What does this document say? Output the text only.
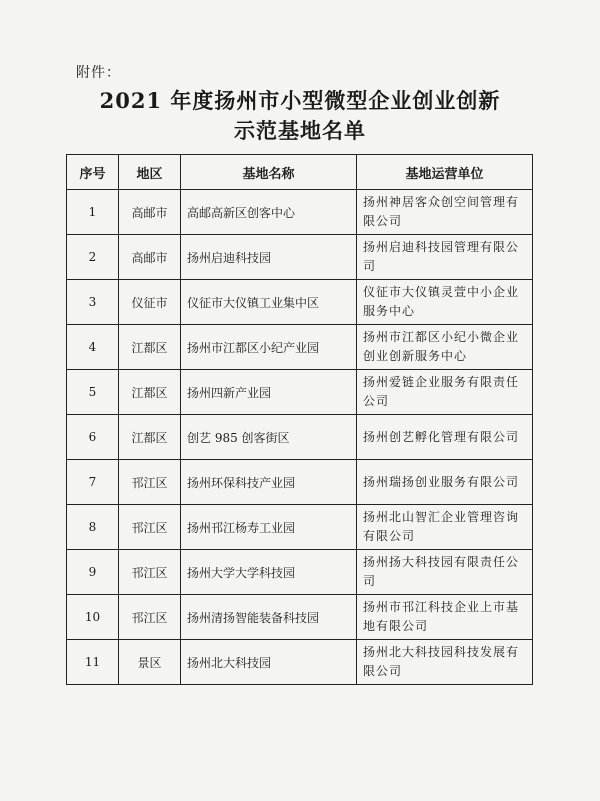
附件：
2021 年度扬州市小型微型企业创业创新
示范基地名单
序号	地区	基地名称	基地运营单位
1	高邮市	高邮高新区创客中心	扬州神居客众创空间管理有限公司
2	高邮市	扬州启迪科技园	扬州启迪科技园管理有限公司
3	仪征市	仪征市大仪镇工业集中区	仪征市大仪镇灵萱中小企业服务中心
4	江都区	扬州市江都区小纪产业园	扬州市江都区小纪小微企业创业创新服务中心
5	江都区	扬州四新产业园	扬州爱链企业服务有限责任公司
6	江都区	创艺 985 创客街区	扬州创艺孵化管理有限公司
7	邗江区	扬州环保科技产业园	扬州瑞扬创业服务有限公司
8	邗江区	扬州邗江杨寿工业园	扬州北山智汇企业管理咨询有限公司
9	邗江区	扬州大学大学科技园	扬州扬大科技园有限责任公司
10	邗江区	扬州清扬智能装备科技园	扬州市邗江科技企业上市基地有限公司
11	景区	扬州北大科技园	扬州北大科技园科技发展有限公司
